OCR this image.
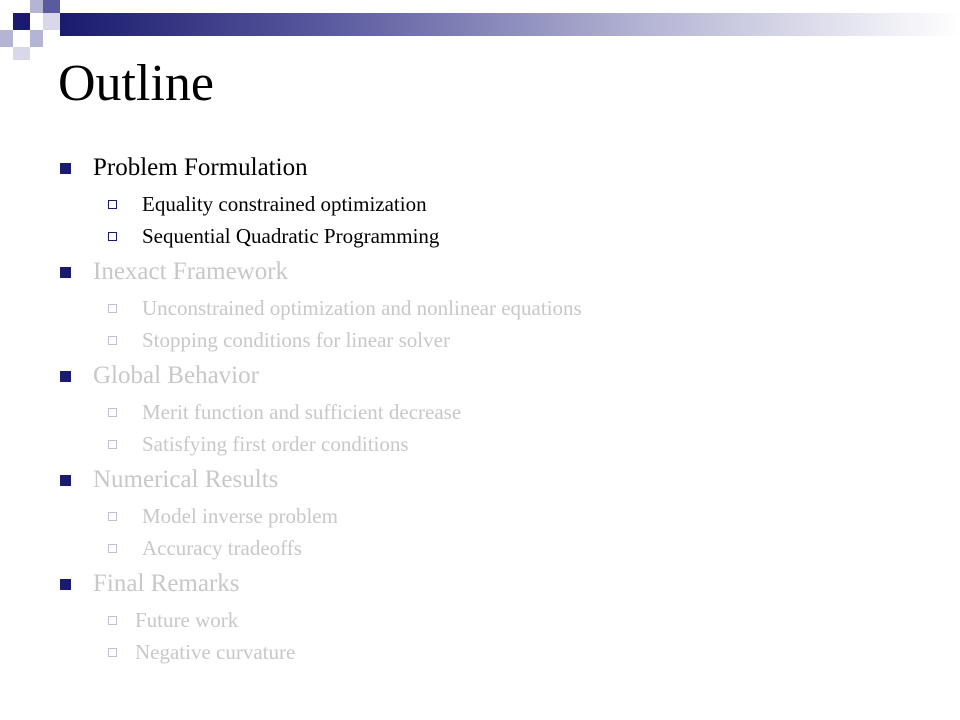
Outline
Problem Formulation
Equality constrained optimization
Sequential Quadratic Programming
Inexact Framework
Unconstrained optimization and nonlinear equations
Stopping conditions for linear solver
Global Behavior
Merit function and sufficient decrease
Satisfying first order conditions
Numerical Results
Model inverse problem
Accuracy tradeoffs
Final Remarks
Future work
Negative curvature
